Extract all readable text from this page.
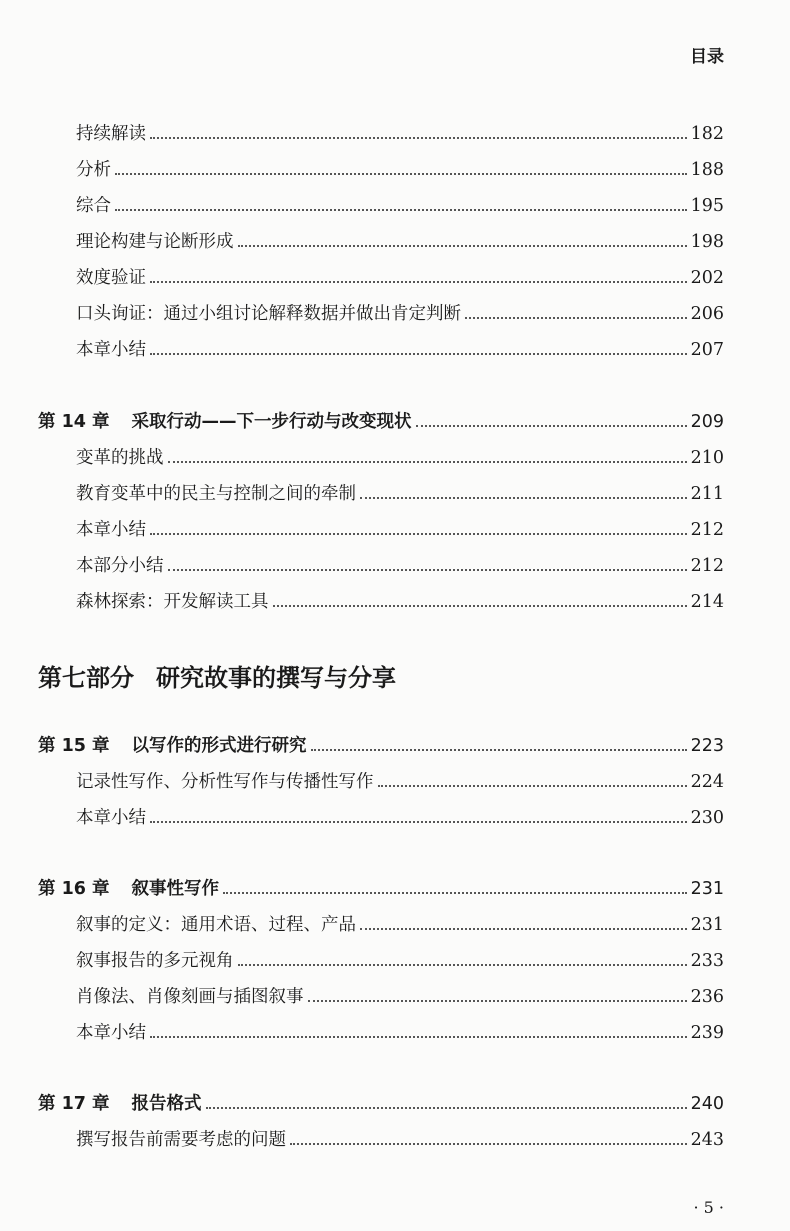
目录
持续解读	182
分析	188
综合	195
理论构建与论断形成	198
效度验证	202
口头询证：通过小组讨论解释数据并做出肯定判断	206
本章小结	207
第 14 章 采取行动——下一步行动与改变现状	209
变革的挑战	210
教育变革中的民主与控制之间的牵制	211
本章小结	212
本部分小结	212
森林探索：开发解读工具	214
第七部分 研究故事的撰写与分享
第 15 章 以写作的形式进行研究	223
记录性写作、分析性写作与传播性写作	224
本章小结	230
第 16 章 叙事性写作	231
叙事的定义：通用术语、过程、产品	231
叙事报告的多元视角	233
肖像法、肖像刻画与插图叙事	236
本章小结	239
第 17 章 报告格式	240
撰写报告前需要考虑的问题	243
· 5 ·
